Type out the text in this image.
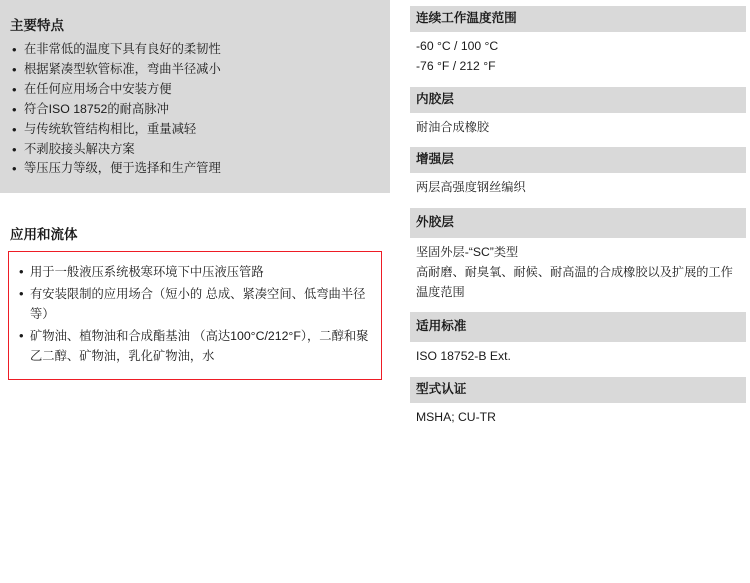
主要特点
• 在非常低的温度下具有良好的柔韧性
• 根据紧凑型软管标准，弯曲半径减小
• 在任何应用场合中安装方便
• 符合ISO 18752的耐高脉冲
• 与传统软管结构相比，重量减轻
• 不剥胶接头解决方案
• 等压压力等级，便于选择和生产管理
应用和流体
• 用于一般液压系统极寒环境下中压液压管路
• 有安装限制的应用场合（短小的 总成、紧凑空间、低弯曲半径等）
• 矿物油、植物油和合成酯基油 （高达100°C/212°F），二醇和聚乙二醇、矿物油，乳化矿物油，水
连续工作温度范围
-60 °C / 100 °C
-76 °F / 212 °F
内胶层
耐油合成橡胶
增强层
两层高强度钢丝编织
外胶层
坚固外层-“SC”类型
高耐磨、耐臭氧、耐候、耐高温的合成橡胶以及扩展的工作温度范围
适用标准
ISO 18752-B Ext.
型式认证
MSHA; CU-TR
